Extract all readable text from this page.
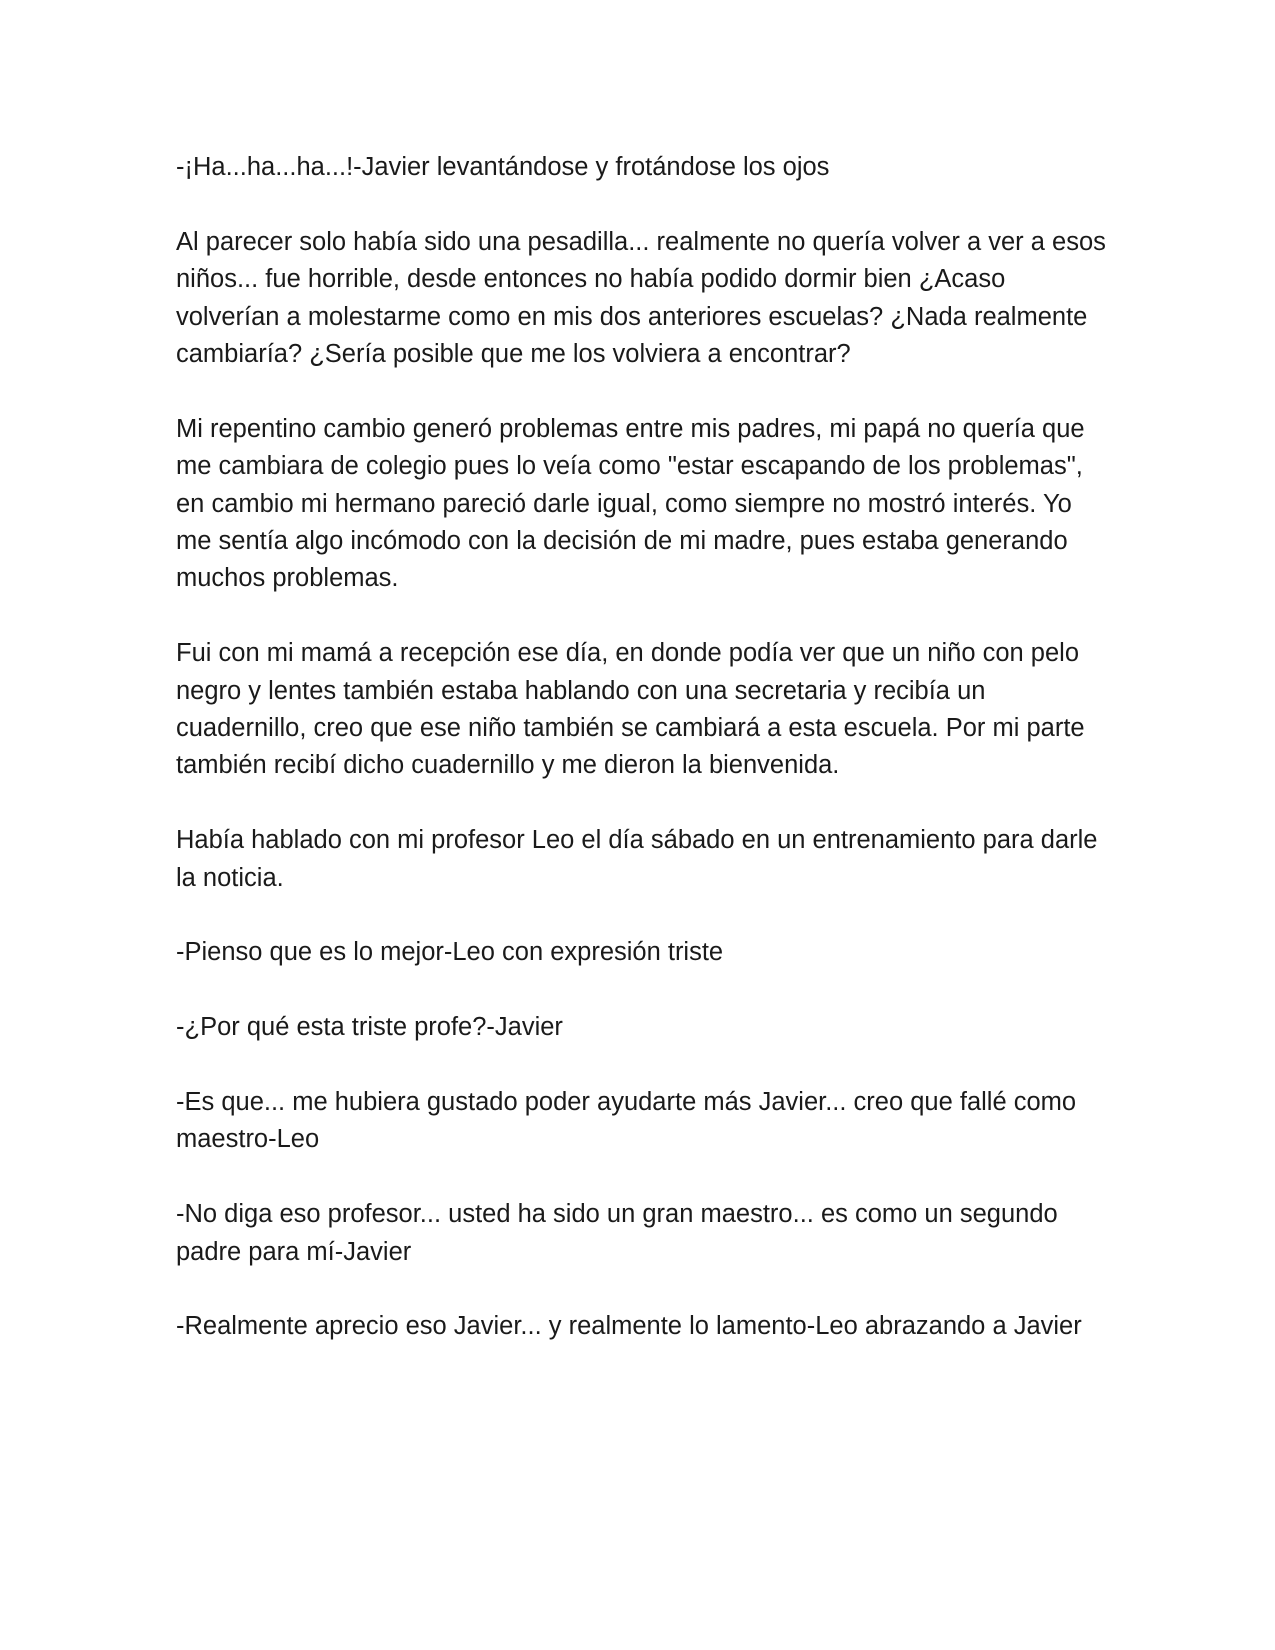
-¡Ha...ha...ha...!-Javier levantándose y frotándose los ojos

Al parecer solo había sido una pesadilla... realmente no quería volver a ver a esos niños... fue horrible, desde entonces no había podido dormir bien ¿Acaso volverían a molestarme como en mis dos anteriores escuelas? ¿Nada realmente cambiaría? ¿Sería posible que me los volviera a encontrar?

Mi repentino cambio generó problemas entre mis padres, mi papá no quería que me cambiara de colegio pues lo veía como "estar escapando de los problemas", en cambio mi hermano pareció darle igual, como siempre no mostró interés. Yo me sentía algo incómodo con la decisión de mi madre, pues estaba generando muchos problemas.

Fui con mi mamá a recepción ese día, en donde podía ver que un niño con pelo negro y lentes también estaba hablando con una secretaria y recibía un cuadernillo, creo que ese niño también se cambiará a esta escuela. Por mi parte también recibí dicho cuadernillo y me dieron la bienvenida.

Había hablado con mi profesor Leo el día sábado en un entrenamiento para darle la noticia.

-Pienso que es lo mejor-Leo con expresión triste

-¿Por qué esta triste profe?-Javier

-Es que... me hubiera gustado poder ayudarte más Javier... creo que fallé como maestro-Leo

-No diga eso profesor... usted ha sido un gran maestro... es como un segundo padre para mí-Javier

-Realmente aprecio eso Javier... y realmente lo lamento-Leo abrazando a Javier
